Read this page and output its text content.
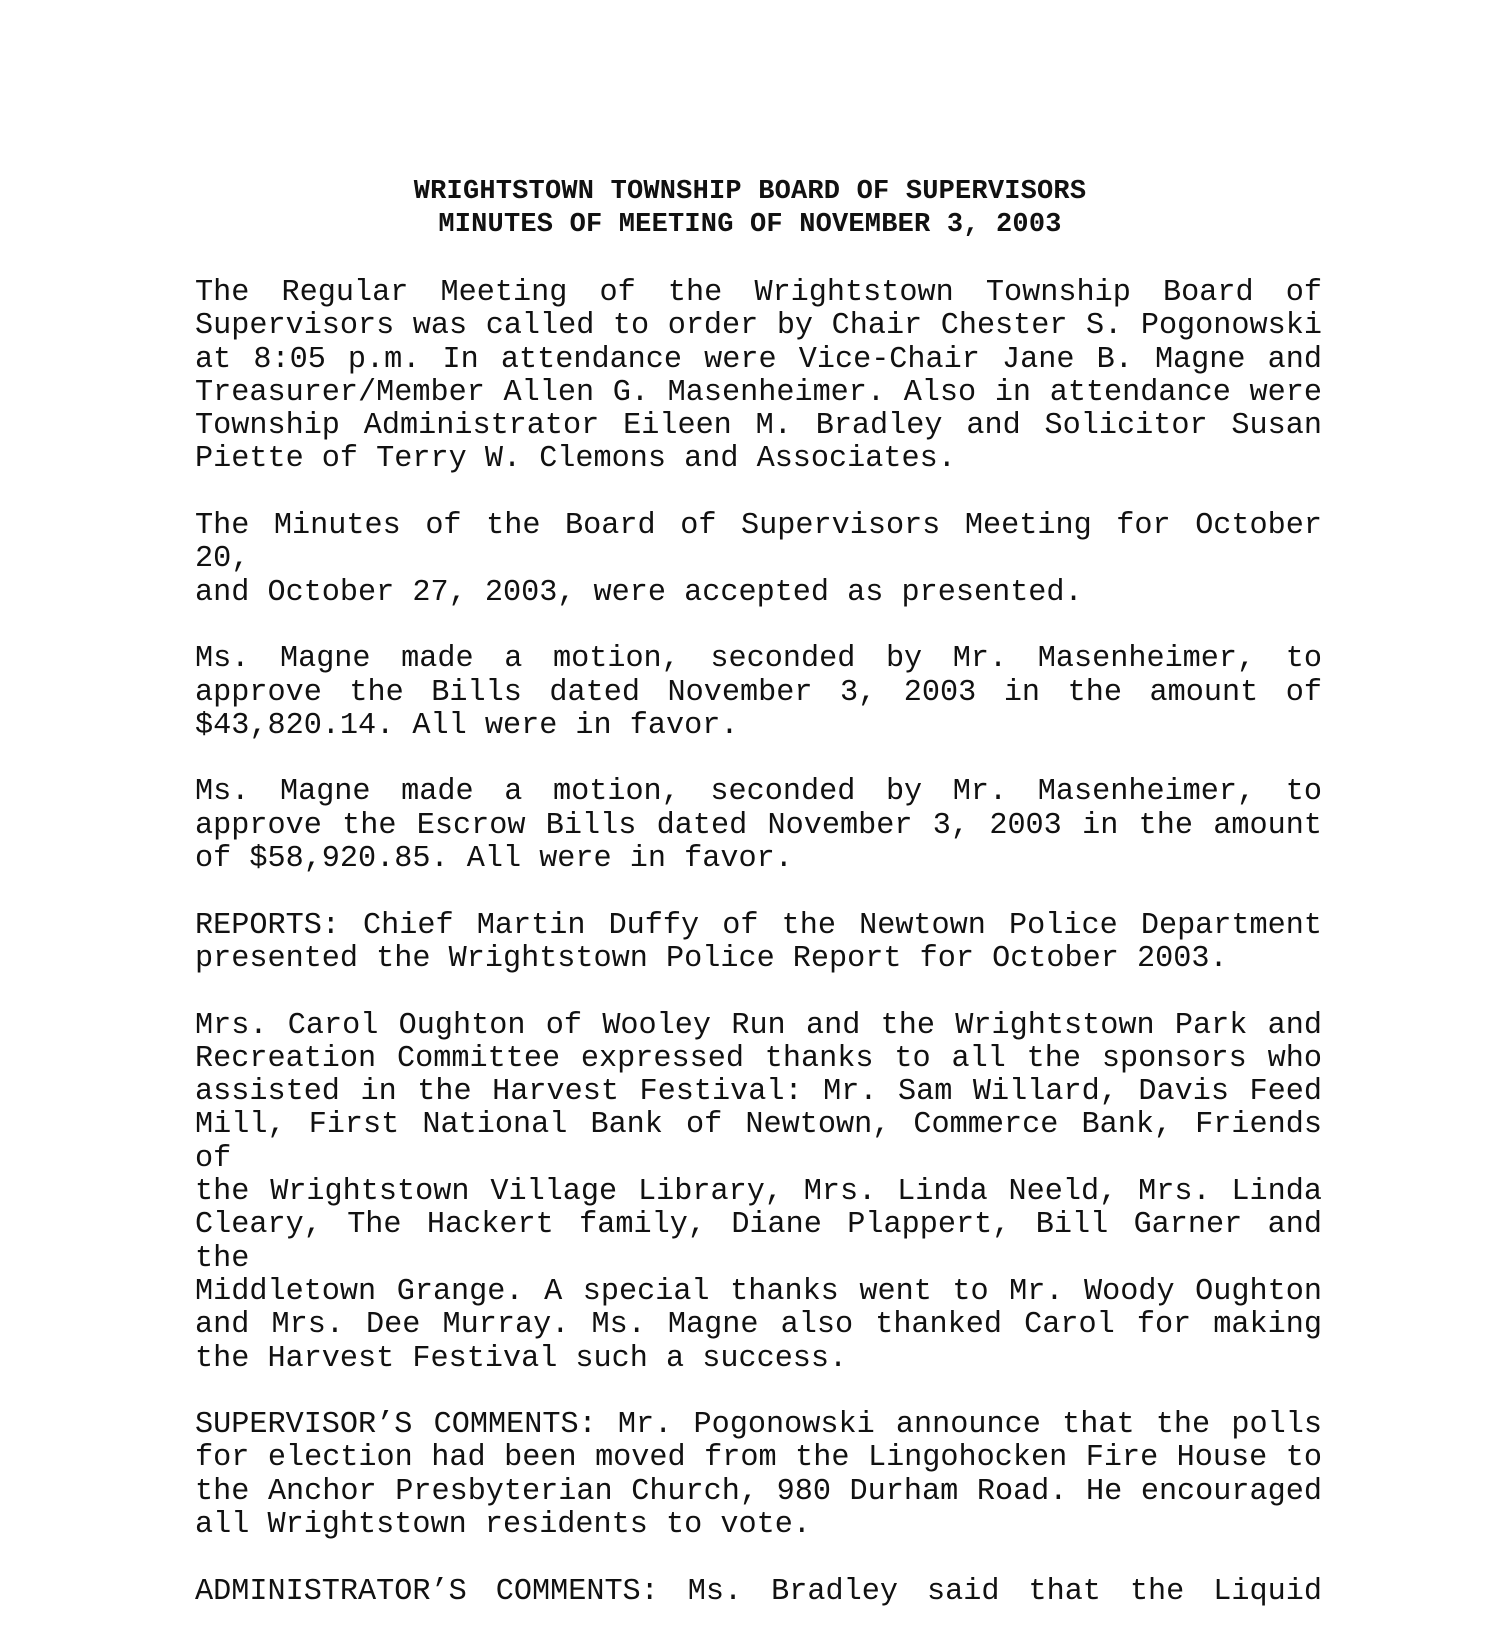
WRIGHTSTOWN TOWNSHIP BOARD OF SUPERVISORS
MINUTES OF MEETING OF NOVEMBER 3, 2003
The Regular Meeting of the Wrightstown Township Board of
Supervisors was called to order by Chair Chester S. Pogonowski
at 8:05 p.m. In attendance were Vice-Chair Jane B. Magne and
Treasurer/Member Allen G. Masenheimer. Also in attendance were
Township Administrator Eileen M. Bradley and Solicitor Susan
Piette of Terry W. Clemons and Associates.
The Minutes of the Board of Supervisors Meeting for October 20,
and October 27, 2003, were accepted as presented.
Ms. Magne made a motion, seconded by Mr. Masenheimer, to
approve the Bills dated November 3, 2003 in the amount of
$43,820.14. All were in favor.
Ms. Magne made a motion, seconded by Mr. Masenheimer, to
approve the Escrow Bills dated November 3, 2003 in the amount
of $58,920.85. All were in favor.
REPORTS: Chief Martin Duffy of the Newtown Police Department
presented the Wrightstown Police Report for October 2003.
Mrs. Carol Oughton of Wooley Run and the Wrightstown Park and
Recreation Committee expressed thanks to all the sponsors who
assisted in the Harvest Festival: Mr. Sam Willard, Davis Feed
Mill, First National Bank of Newtown, Commerce Bank, Friends of
the Wrightstown Village Library, Mrs. Linda Neeld, Mrs. Linda
Cleary, The Hackert family, Diane Plappert, Bill Garner and the
Middletown Grange. A special thanks went to Mr. Woody Oughton
and Mrs. Dee Murray. Ms. Magne also thanked Carol for making
the Harvest Festival such a success.
SUPERVISOR’S COMMENTS: Mr. Pogonowski announce that the polls
for election had been moved from the Lingohocken Fire House to
the Anchor Presbyterian Church, 980 Durham Road. He encouraged
all Wrightstown residents to vote.
ADMINISTRATOR’S COMMENTS: Ms. Bradley said that the Liquid
